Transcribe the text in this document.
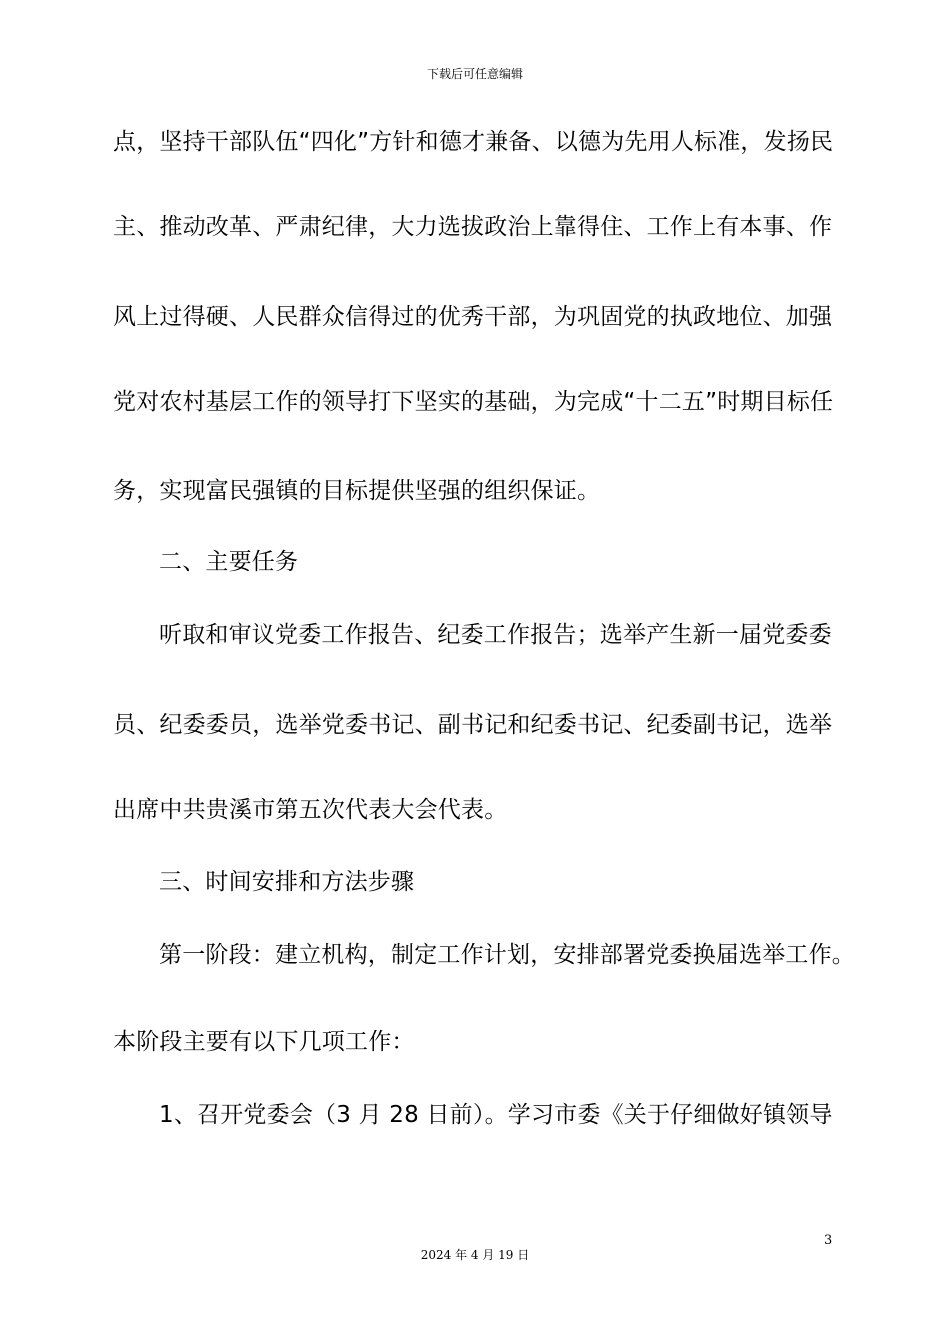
下载后可任意编辑
点，坚持干部队伍“四化”方针和德才兼备、以德为先用人标准，发扬民
主、推动改革、严肃纪律，大力选拔政治上靠得住、工作上有本事、作
风上过得硬、人民群众信得过的优秀干部，为巩固党的执政地位、加强
党对农村基层工作的领导打下坚实的基础，为完成“十二五”时期目标任
务，实现富民强镇的目标提供坚强的组织保证。
二、主要任务
听取和审议党委工作报告、纪委工作报告；选举产生新一届党委委
员、纪委委员，选举党委书记、副书记和纪委书记、纪委副书记，选举
出席中共贵溪市第五次代表大会代表。
三、时间安排和方法步骤
第一阶段：建立机构，制定工作计划，安排部署党委换届选举工作。
本阶段主要有以下几项工作：
1、召开党委会（3 月 28 日前）。学习市委《关于仔细做好镇领导
3
2024 年 4 月 19 日
